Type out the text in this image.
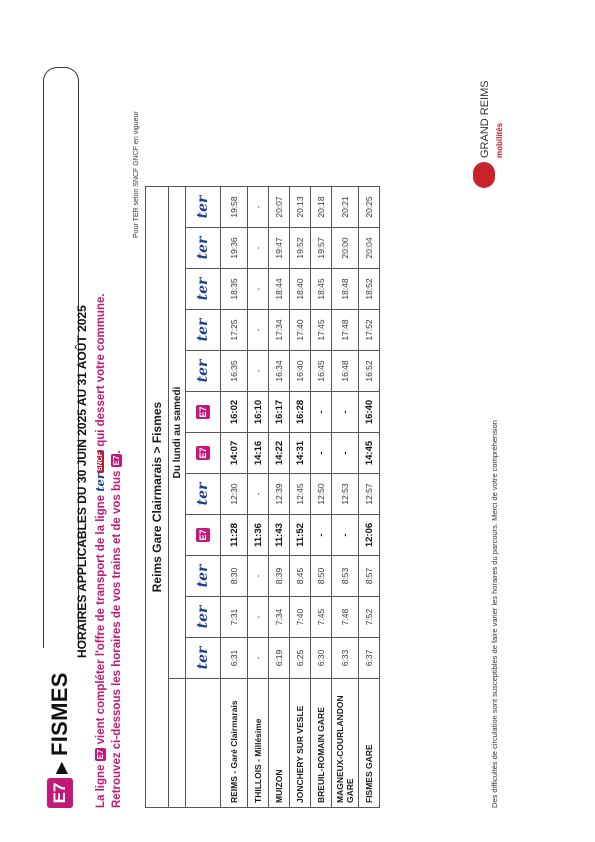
E7
▶
FISMES
HORAIRES APPLICABLES DU 30 JUIN 2025 AU 31 AOÛT 2025
La ligne E7 vient compléter l'offre de transport de la ligne terSNCF qui dessert votre commune.
Retrouvez ci-dessous les horaires de vos trains et de vos bus E7.
Pour TER selon SNCF GNCF en vigueur
Reims Gare Clairmarais > Fismes												
	Du lundi au samedi											
	ter	ter	ter	E7	ter	E7	E7	ter	ter	ter	ter	ter
REIMS - Garé Clairmarais	6:31	7:31	8:30	11:28	12:30	14:07	16:02	16:35	17:25	18:35	19:36	19:58
THILLOIS - Millésime	-	-	-	11:36	-	14:16	16:10	-	-	-	-	-
MUIZON	6:19	7:34	8:39	11:43	12:39	14:22	16:17	16:34	17:34	18:44	19:47	20:07
JONCHERY SUR VESLE	6:25	7:40	8:45	11:52	12:45	14:31	16:28	16:40	17:40	18:40	19:52	20:13
BREUIL-ROMAIN GARE	6:30	7:45	8:50	-	12:50	-	-	16:45	17:45	18:45	19:57	20:18
MAGNEUX-COURLANDON GARE	6:33	7:48	8:53	-	12:53	-	-	16:48	17:48	18:48	20:00	20:21
FISMES GARE	6:37	7:52	8:57	12:06	12:57	14:45	16:40	16:52	17:52	18:52	20:04	20:25
Des difficultés de circulation sont susceptibles de faire varier les horaires du parcours. Merci de votre compréhension
GRAND REIMS mobilités
